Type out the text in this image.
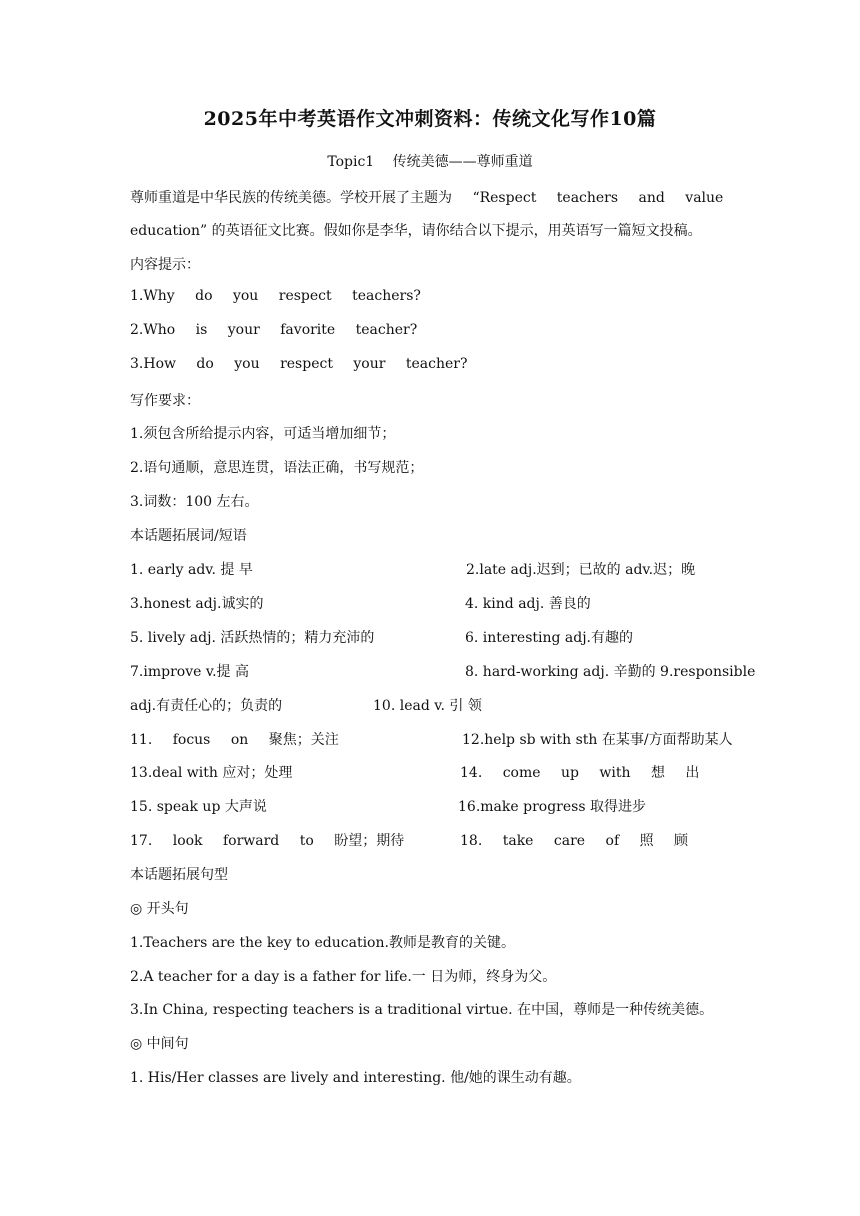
2025年中考英语作文冲刺资料：传统文化写作10篇
Topic1 传统美德——尊师重道
尊师重道是中华民族的传统美德。学校开展了主题为 “Respect teachers and value
education” 的英语征文比赛。假如你是李华，请你结合以下提示，用英语写一篇短文投稿。
内容提示：
1.Why do you respect teachers?
2.Who is your favorite teacher?
3.How do you respect your teacher?
写作要求：
1.须包含所给提示内容，可适当增加细节；
2.语句通顺，意思连贯，语法正确，书写规范；
3.词数：100 左右。
本话题拓展词/短语
1. early adv. 提 早	2.late adj.迟到；已故的 adv.迟；晚
3.honest adj.诚实的	4. kind adj. 善良的
5. lively adj. 活跃热情的；精力充沛的	6. interesting adj.有趣的
7.improve v.提 高	8. hard-working adj. 辛勤的 9.responsible
adj.有责任心的；负责的	10. lead v. 引 领
11. focus on 聚焦；关注	12.help sb with sth 在某事/方面帮助某人
13.deal with 应对；处理	14. come up with 想 出
15. speak up 大声说	16.make progress 取得进步
17. look forward to 盼望；期待	18. take care of 照 顾
本话题拓展句型
◎ 开头句
1.Teachers are the key to education.教师是教育的关键。
2.A teacher for a day is a father for life.一 日为师，终身为父。
3.In China, respecting teachers is a traditional virtue. 在中国，尊师是一种传统美德。
◎ 中间句
1. His/Her classes are lively and interesting. 他/她的课生动有趣。
